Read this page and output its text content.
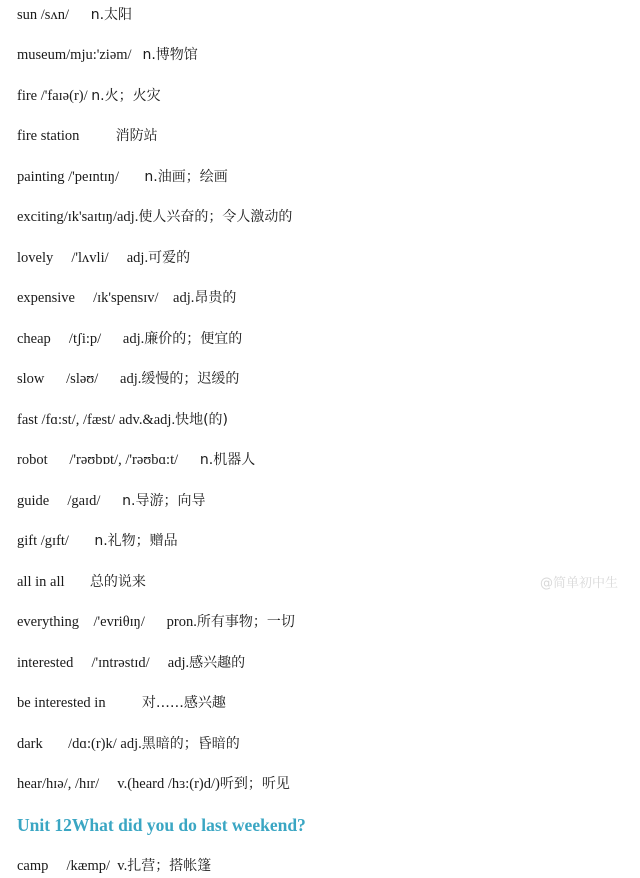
sun /sʌn/      n.太阳
museum/mju:'ziəm/   n.博物馆
fire /'faɪə(r)/ n.火；火灾
fire station          消防站
painting /'peɪntɪŋ/       n.油画；绘画
exciting/ɪk'saɪtɪŋ/adj.使人兴奋的；令人激动的
lovely     /'lʌvli/     adj.可爱的
expensive     /ɪk'spensɪv/    adj.昂贵的
cheap     /tʃi:p/      adj.廉价的；便宜的
slow      /sləʊ/      adj.缓慢的；迟缓的
fast /fɑ:st/, /fæst/ adv.&adj.快地(的)
robot      /'rəʊbɒt/, /'rəʊbɑ:t/      n.机器人
guide     /gaɪd/      n.导游；向导
gift /gɪft/       n.礼物；赠品
all in all       总的说来
everything    /'evriθɪŋ/      pron.所有事物；一切
interested     /'ɪntrəstɪd/     adj.感兴趣的
be interested in          对……感兴趣
dark       /dɑ:(r)k/ adj.黑暗的；昏暗的
hear/hɪə/, /hɪr/     v.(heard /hɜ:(r)d/)听到；听见
Unit 12What did you do last weekend?
camp     /kæmp/  v.扎营；搭帐篷
@简单初中生
